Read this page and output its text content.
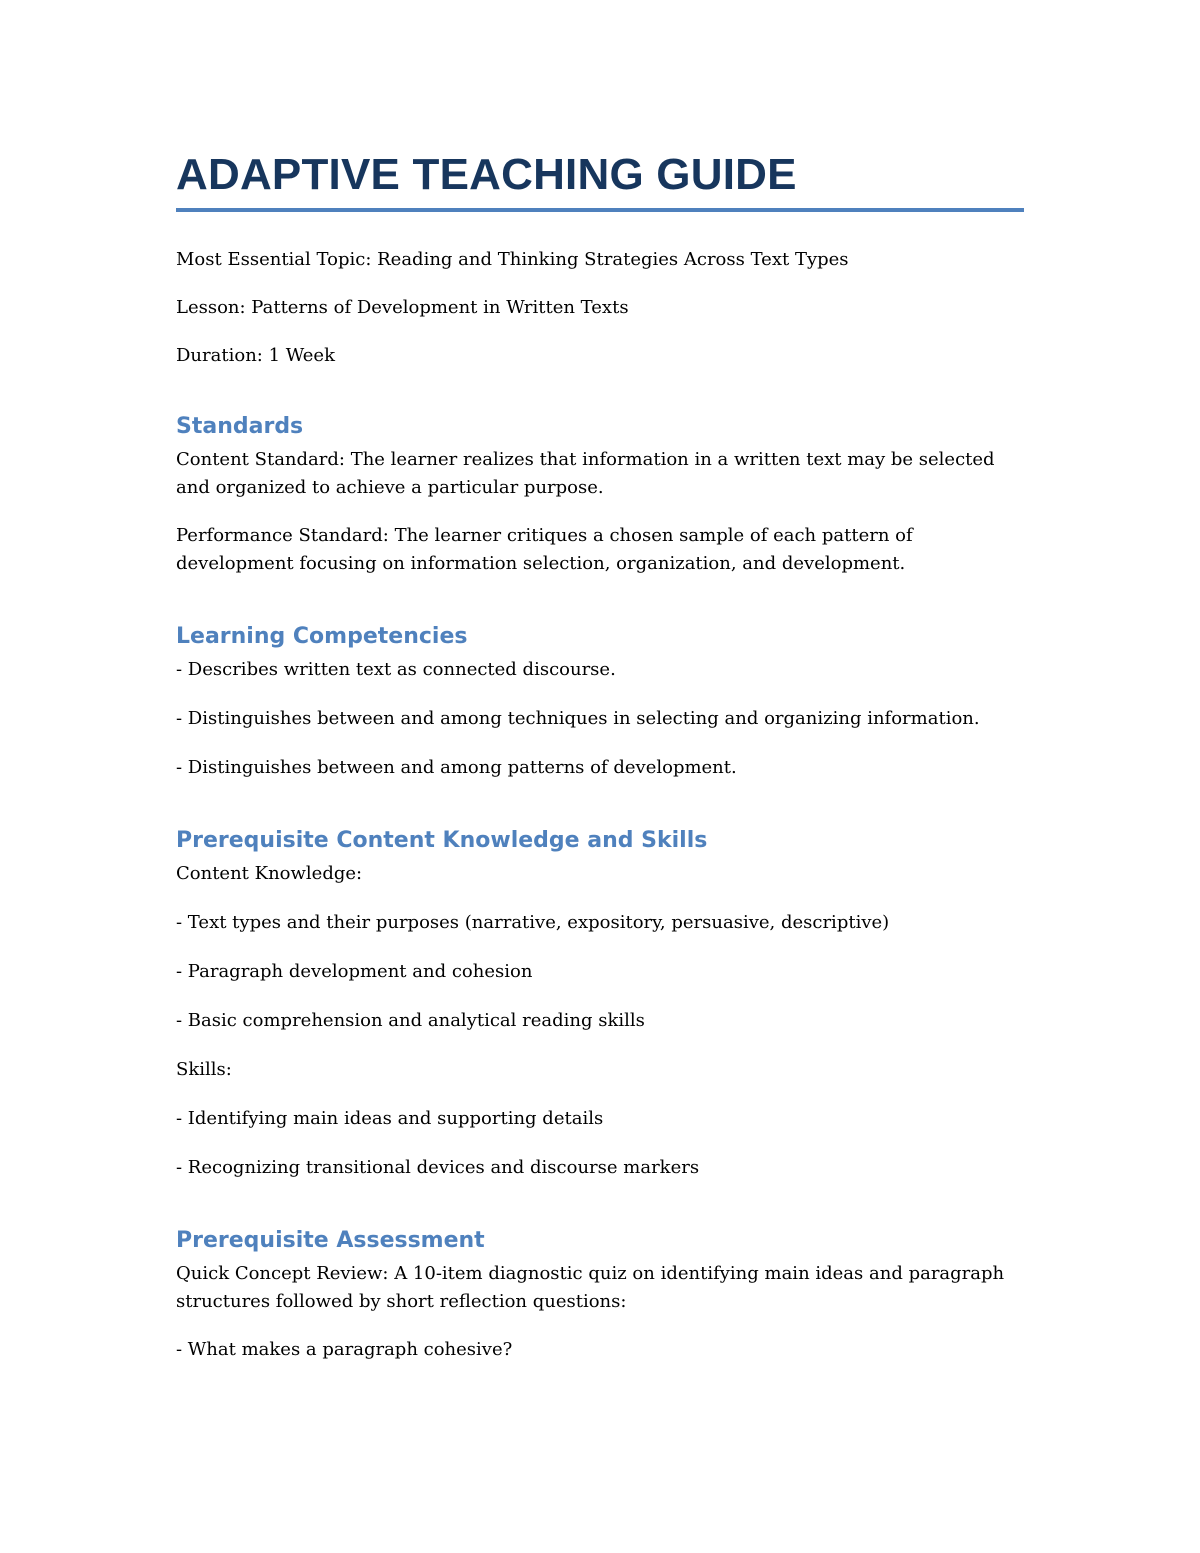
ADAPTIVE TEACHING GUIDE

Most Essential Topic: Reading and Thinking Strategies Across Text Types

Lesson: Patterns of Development in Written Texts

Duration: 1 Week

Standards

Content Standard: The learner realizes that information in a written text may be selected and organized to achieve a particular purpose.

Performance Standard: The learner critiques a chosen sample of each pattern of development focusing on information selection, organization, and development.

Learning Competencies

- Describes written text as connected discourse.

- Distinguishes between and among techniques in selecting and organizing information.

- Distinguishes between and among patterns of development.

Prerequisite Content Knowledge and Skills

Content Knowledge:

- Text types and their purposes (narrative, expository, persuasive, descriptive)

- Paragraph development and cohesion

- Basic comprehension and analytical reading skills

Skills:

- Identifying main ideas and supporting details

- Recognizing transitional devices and discourse markers

Prerequisite Assessment

Quick Concept Review: A 10-item diagnostic quiz on identifying main ideas and paragraph structures followed by short reflection questions:

- What makes a paragraph cohesive?
